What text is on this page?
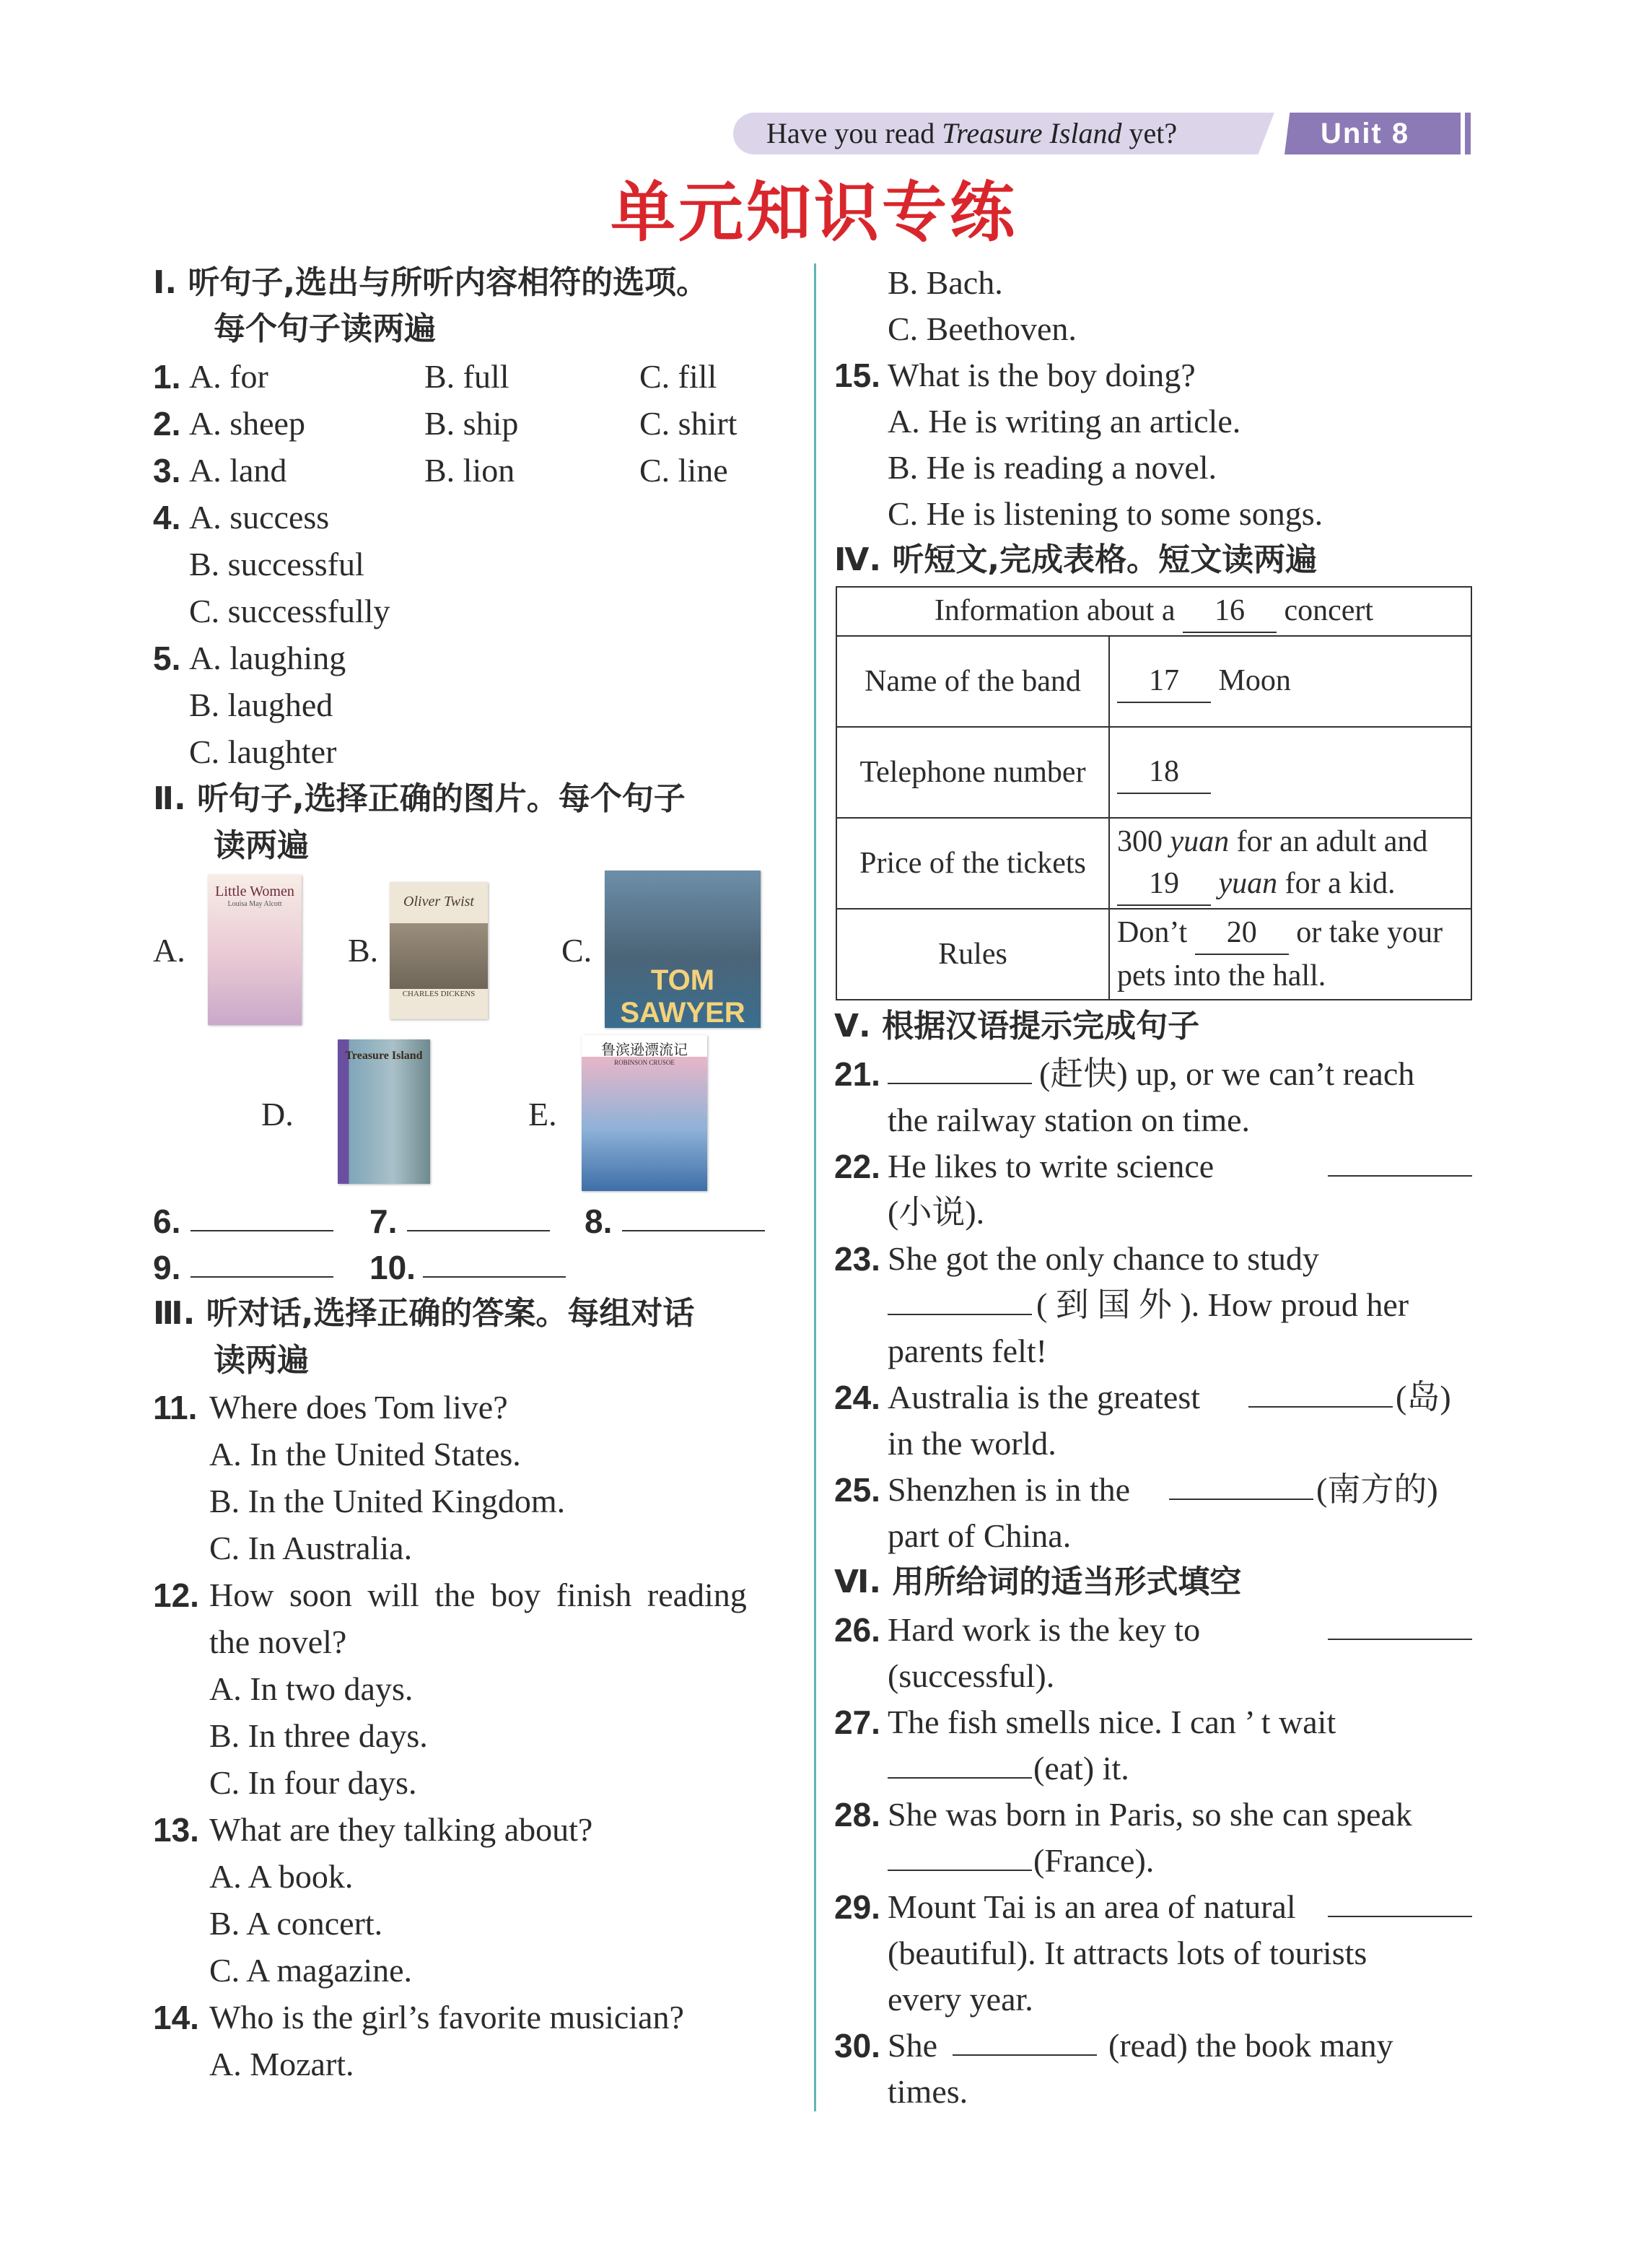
Have you read Treasure Island yet?	Unit 8
单元知识专练
Ⅰ. 听句子,选出与所听内容相符的选项。
每个句子读两遍
1. A. for	B. full	C. fill
2. A. sheep	B. ship	C. shirt
3. A. land	B. lion	C. line
4. A. success
B. successful
C. successfully
5. A. laughing
B. laughed
C. laughter
Ⅱ. 听句子,选择正确的图片。每个句子
读两遍
A.
Little Women
Louisa May Alcott
B.
Oliver Twist
CHARLES DICKENS
C.
TOM SAWYER
D.
Treasure Island
E.
鲁滨逊漂流记
ROBINSON CRUSOE
6.	7.	8.
9.	10.
Ⅲ. 听对话,选择正确的答案。每组对话
读两遍
11. Where does Tom live?
A. In the United States.
B. In the United Kingdom.
C. In Australia.
12. How soon will the boy finish reading
the novel?
A. In two days.
B. In three days.
C. In four days.
13. What are they talking about?
A. A book.
B. A concert.
C. A magazine.
14. Who is the girl’s favorite musician?
A. Mozart.
B. Bach.
C. Beethoven.
15. What is the boy doing?
A. He is writing an article.
B. He is reading a novel.
C. He is listening to some songs.
Ⅳ. 听短文,完成表格。短文读两遍
Information about a 16 concert	
Name of the band	17 Moon
Telephone number	18
Price of the tickets	300 yuan for an adult and
19 yuan for a kid.
Rules	Don’t 20 or take your
pets into the hall.
Ⅴ. 根据汉语提示完成句子
21.	(赶快) up, or we can’t reach
the railway station on time.
22. He likes to write science
(小说).
23. She got the only chance to study
( 到 国 外 ). How proud her
parents felt!
24. Australia is the greatest	(岛)
in the world.
25. Shenzhen is in the	(南方的)
part of China.
Ⅵ. 用所给词的适当形式填空
26. Hard work is the key to
(successful).
27. The fish smells nice. I can ’ t wait
(eat) it.
28. She was born in Paris, so she can speak
(France).
29. Mount Tai is an area of natural
(beautiful). It attracts lots of tourists
every year.
30. She	(read) the book many
times.
